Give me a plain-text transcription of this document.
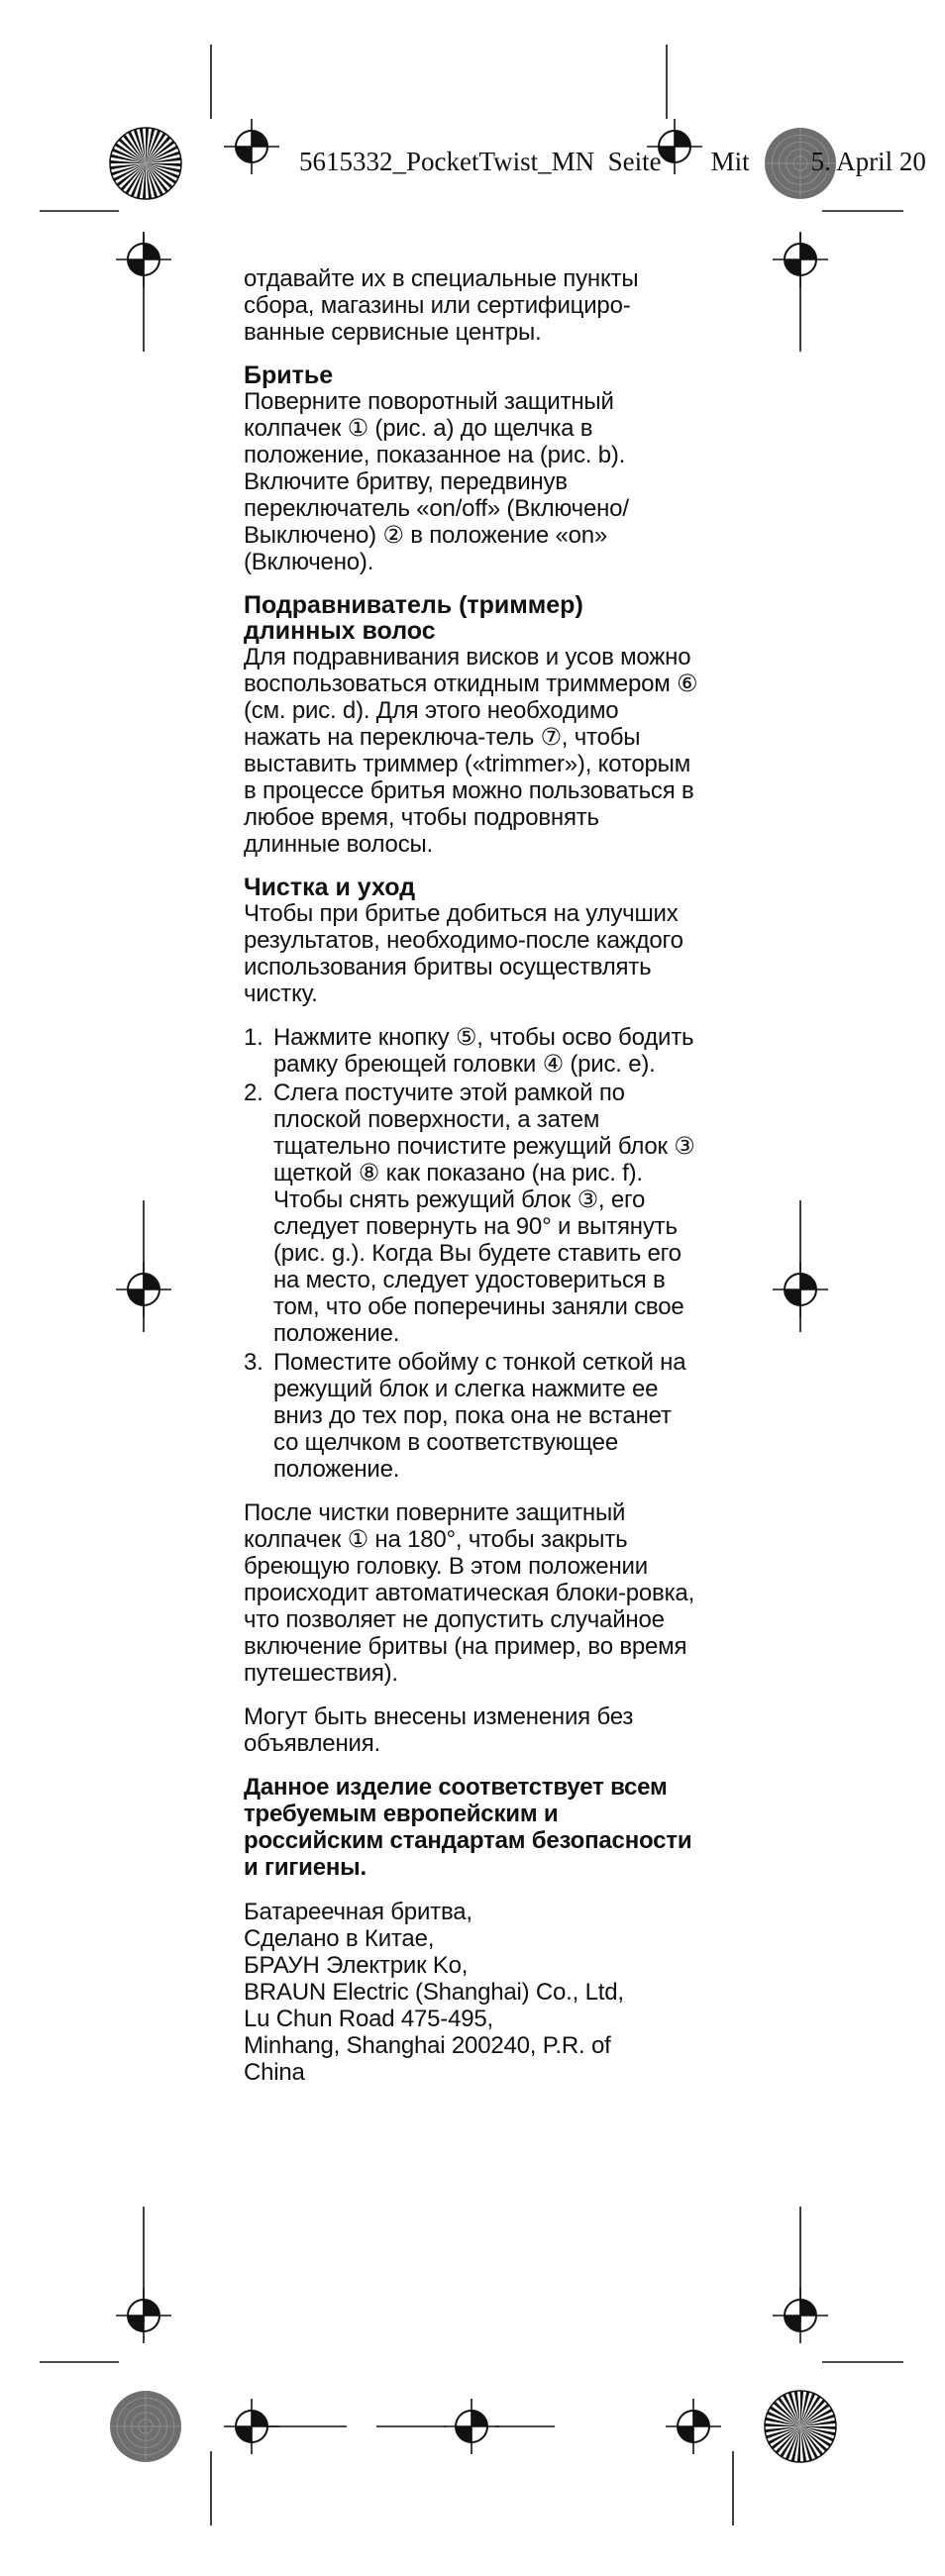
5615332_PocketTwist_MN Seite Mit 5. April 20

отдавайте их в специальные пункты сбора, магазины или сертифициро-ванные сервисные центры.

Бритье

Поверните поворотный защитный колпачек ① (рис. a) до щелчка в положение, показанное на (рис. b). Включите бритву, передвинув переключатель «on/off» (Включено/ Выключено) ② в положение «on» (Включено).

Подравниватель (триммер) длинных волос

Для подравнивания висков и усов можно воспользоваться откидным триммером ⑥ (см. рис. d). Для этого необходимо нажать на переключа-тель ⑦, чтобы выставить триммер («trimmer»), которым в процессе бритья можно пользоваться в любое время, чтобы подровнять длинные волосы.

Чистка и уход

Чтобы при бритье добиться на улучших результатов, необходимо-после каждого использования бритвы осуществлять чистку.

1. Нажмите кнопку ⑤, чтобы осво бодить рамку бреющей головки ④ (рис. e).
2. Слега постучите этой рамкой по плоской поверхности, а затем тщательно почистите режущий блок ③ щеткой ⑧ как показано (на рис. f). Чтобы снять режущий блок ③, его следует повернуть на 90° и вытянуть (рис. g.). Когда Вы будете ставить его на место, следует удостовериться в том, что обе поперечины заняли свое положение.
3. Поместите обойму с тонкой сеткой на режущий блок и слегка нажмите ее вниз до тех пор, пока она не встанет со щелчком в соответствующее положение.

После чистки поверните защитный колпачек ① на 180°, чтобы закрыть бреющую головку. В этом положении происходит автоматическая блоки-ровка, что позволяет не допустить случайное включение бритвы (на пример, во время путешествия).

Могут быть внесены изменения без объявления.

Данное изделие соответствует всем требуемым европейским и российским стандартам безопасности и гигиены.

Батареечная бритва,
Сделано в Китае,
БРАУН Электрик Ko,
BRAUN Electric (Shanghai) Co., Ltd,
Lu Chun Road 475-495,
Minhang, Shanghai 200240, P.R. of
China
